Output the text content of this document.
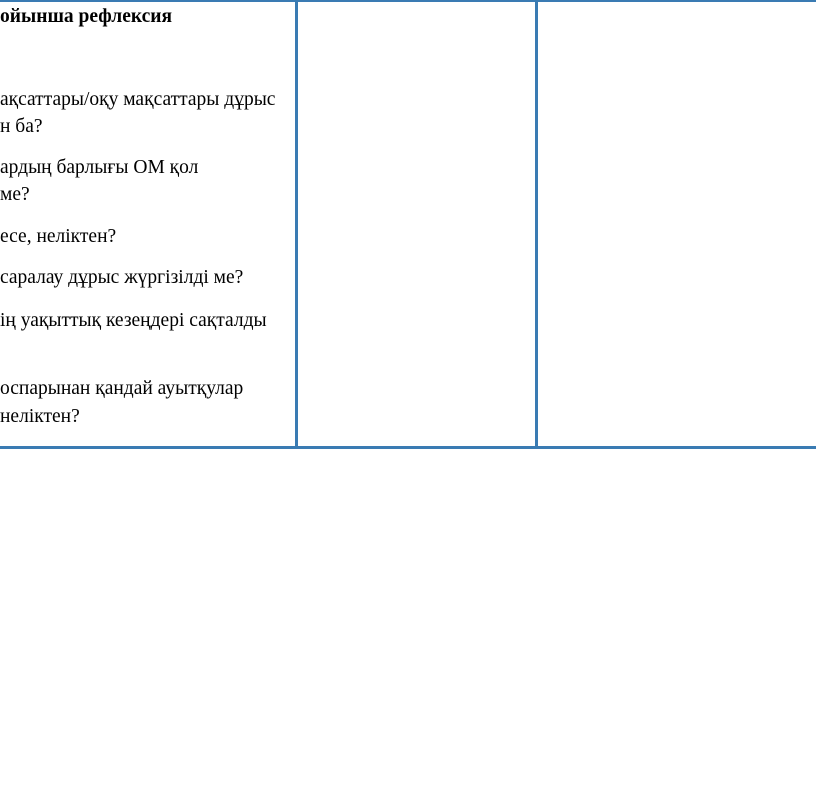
ойынша рефлексия

ақсаттары/оқу мақсаттары дұрыс

н ба?

ардың барлығы ОМ қол

ме?

есе, неліктен?

саралау дұрыс жүргізілді ме?

ің уақыттық кезеңдері сақталды

оспарынан қандай ауытқулар

неліктен?
